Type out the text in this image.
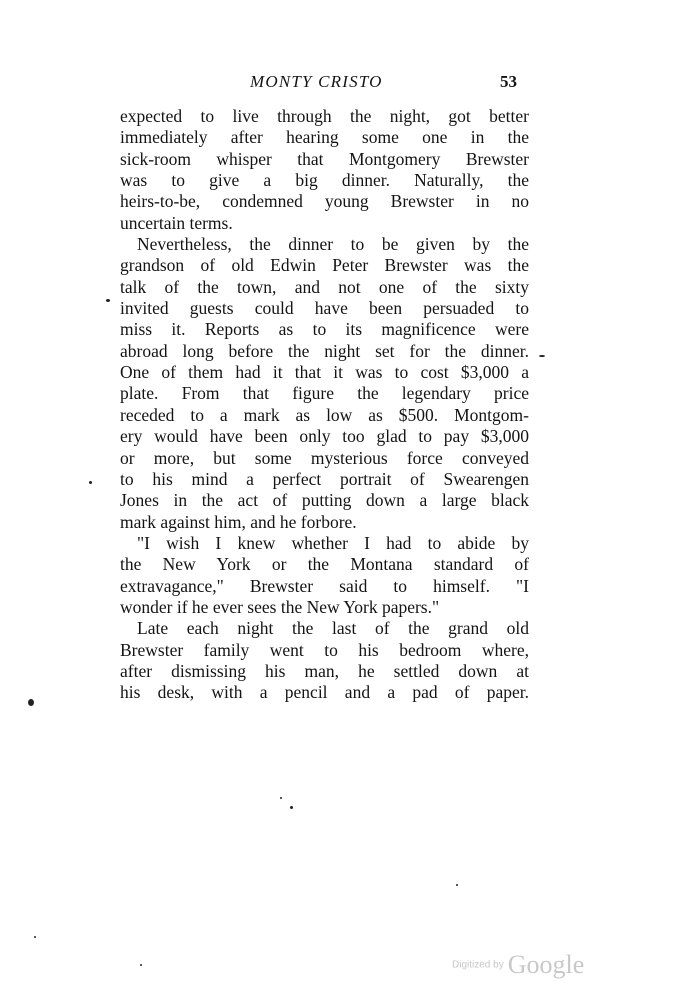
MONTY CRISTO	53
expected to live through the night, got better
immediately after hearing some one in the
sick-room whisper that Montgomery Brewster
was to give a big dinner. Naturally, the
heirs-to-be, condemned young Brewster in no
uncertain terms.
Nevertheless, the dinner to be given by the
grandson of old Edwin Peter Brewster was the
talk of the town, and not one of the sixty
invited guests could have been persuaded to
miss it. Reports as to its magnificence were
abroad long before the night set for the dinner.
One of them had it that it was to cost $3,000 a
plate. From that figure the legendary price
receded to a mark as low as $500. Montgom-
ery would have been only too glad to pay $3,000
or more, but some mysterious force conveyed
to his mind a perfect portrait of Swearengen
Jones in the act of putting down a large black
mark against him, and he forbore.
"I wish I knew whether I had to abide by
the New York or the Montana standard of
extravagance," Brewster said to himself. "I
wonder if he ever sees the New York papers."
Late each night the last of the grand old
Brewster family went to his bedroom where,
after dismissing his man, he settled down at
his desk, with a pencil and a pad of paper.
Digitized by Google
